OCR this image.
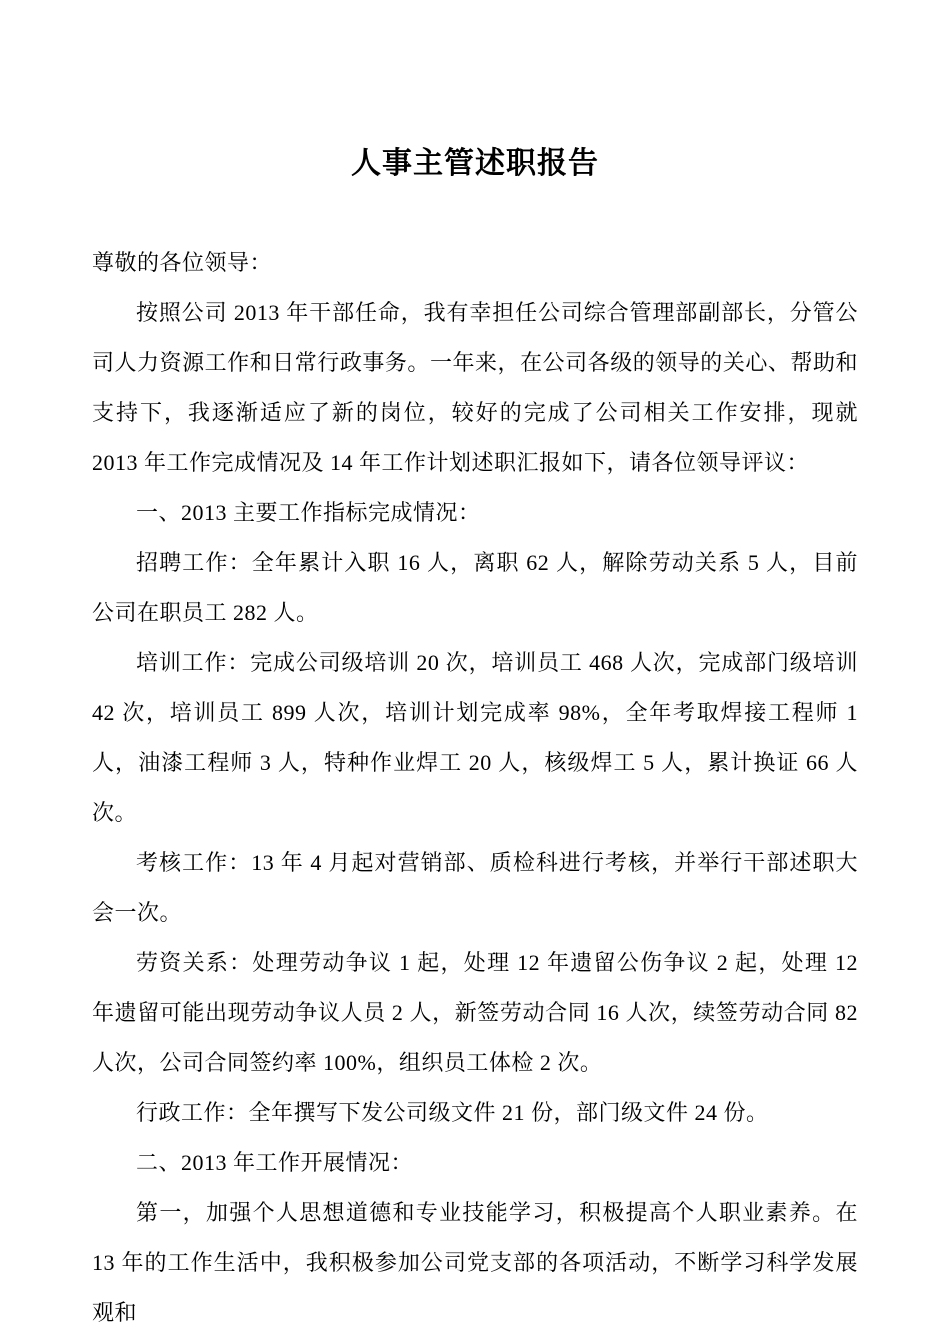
人事主管述职报告

尊敬的各位领导：

按照公司 2013 年干部任命，我有幸担任公司综合管理部副部长，分管公司人力资源工作和日常行政事务。一年来，在公司各级的领导的关心、帮助和支持下，我逐渐适应了新的岗位，较好的完成了公司相关工作安排，现就 2013 年工作完成情况及 14 年工作计划述职汇报如下，请各位领导评议：

一、2013 主要工作指标完成情况：

招聘工作：全年累计入职 16 人，离职 62 人，解除劳动关系 5 人，目前公司在职员工 282 人。

培训工作：完成公司级培训 20 次，培训员工 468 人次，完成部门级培训 42 次，培训员工 899 人次，培训计划完成率 98%，全年考取焊接工程师 1 人，油漆工程师 3 人，特种作业焊工 20 人，核级焊工 5 人，累计换证 66 人次。

考核工作：13 年 4 月起对营销部、质检科进行考核，并举行干部述职大会一次。

劳资关系：处理劳动争议 1 起，处理 12 年遗留公伤争议 2 起，处理 12 年遗留可能出现劳动争议人员 2 人，新签劳动合同 16 人次，续签劳动合同 82 人次，公司合同签约率 100%，组织员工体检 2 次。

行政工作：全年撰写下发公司级文件 21 份，部门级文件 24 份。

二、2013 年工作开展情况：

第一，加强个人思想道德和专业技能学习，积极提高个人职业素养。在 13 年的工作生活中，我积极参加公司党支部的各项活动，不断学习科学发展观和
